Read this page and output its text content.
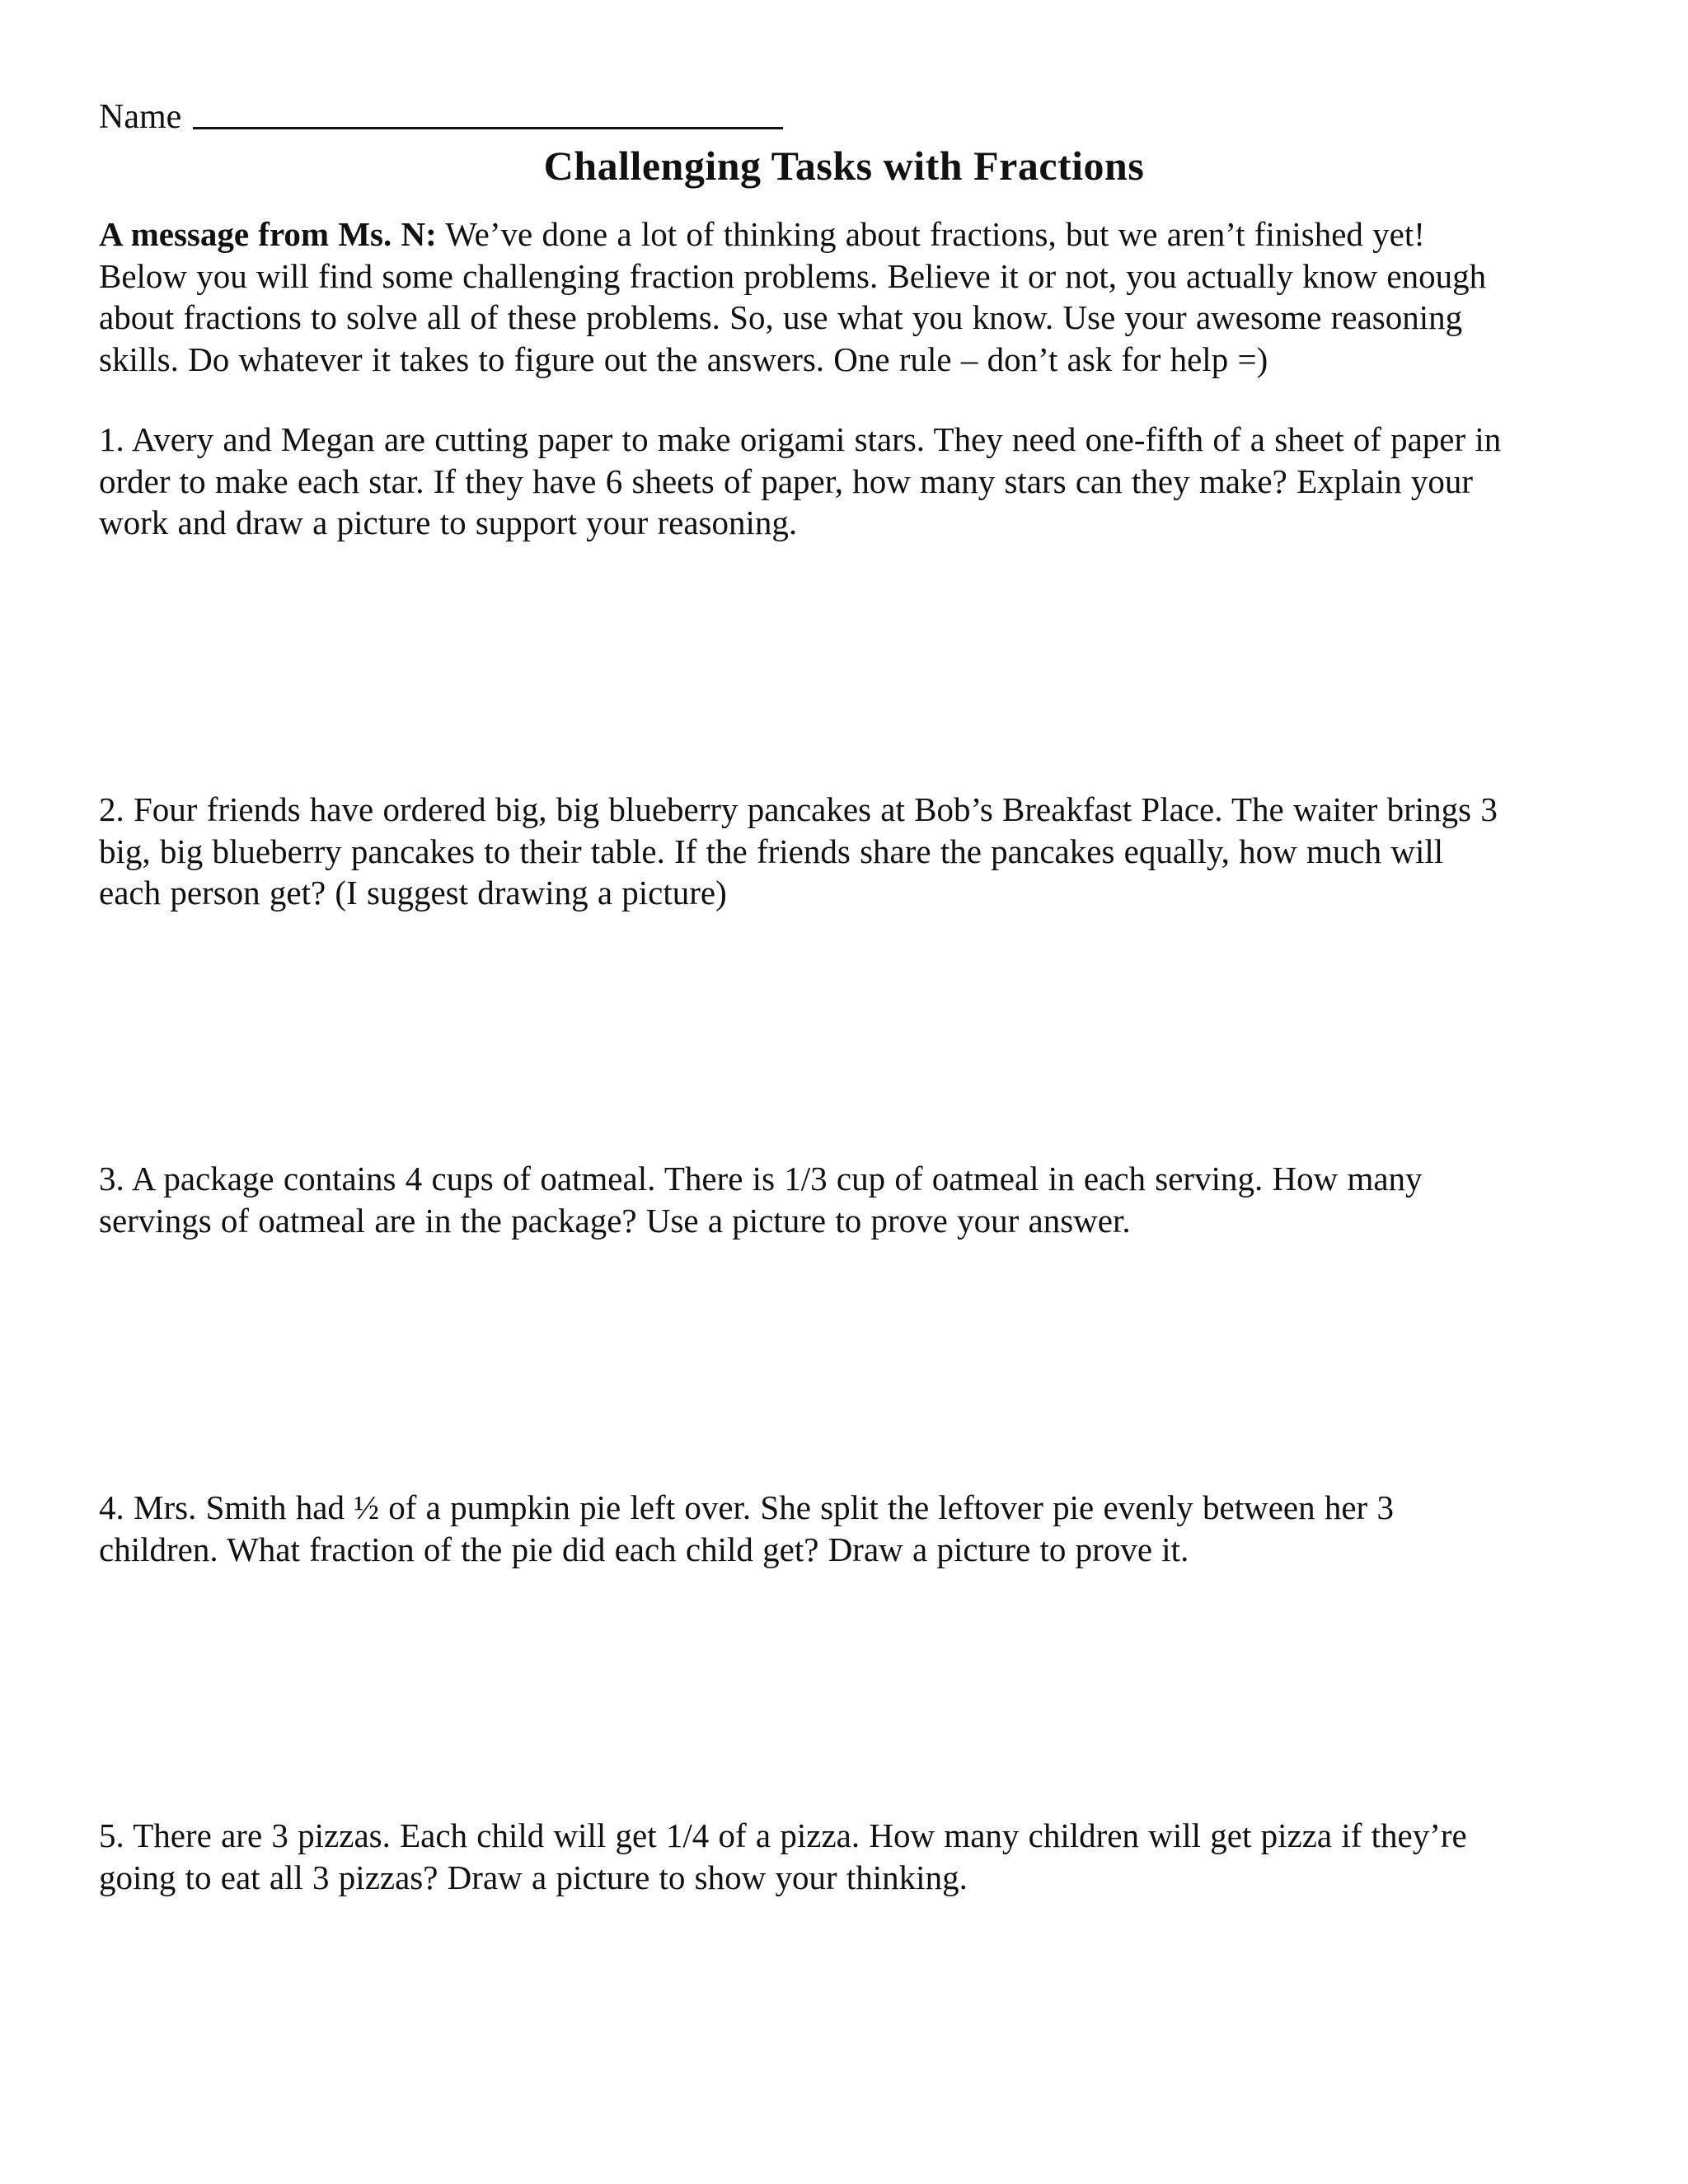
Name
Challenging Tasks with Fractions

A message from Ms. N: We’ve done a lot of thinking about fractions, but we aren’t finished yet!
Below you will find some challenging fraction problems. Believe it or not, you actually know enough
about fractions to solve all of these problems. So, use what you know. Use your awesome reasoning
skills. Do whatever it takes to figure out the answers. One rule – don’t ask for help =)

1. Avery and Megan are cutting paper to make origami stars. They need one-fifth of a sheet of paper in
order to make each star. If they have 6 sheets of paper, how many stars can they make? Explain your
work and draw a picture to support your reasoning.

2. Four friends have ordered big, big blueberry pancakes at Bob’s Breakfast Place. The waiter brings 3
big, big blueberry pancakes to their table. If the friends share the pancakes equally, how much will
each person get? (I suggest drawing a picture)

3. A package contains 4 cups of oatmeal. There is 1/3 cup of oatmeal in each serving. How many
servings of oatmeal are in the package? Use a picture to prove your answer.

4. Mrs. Smith had ½ of a pumpkin pie left over. She split the leftover pie evenly between her 3
children. What fraction of the pie did each child get? Draw a picture to prove it.

5. There are 3 pizzas. Each child will get 1/4 of a pizza. How many children will get pizza if they’re
going to eat all 3 pizzas? Draw a picture to show your thinking.
